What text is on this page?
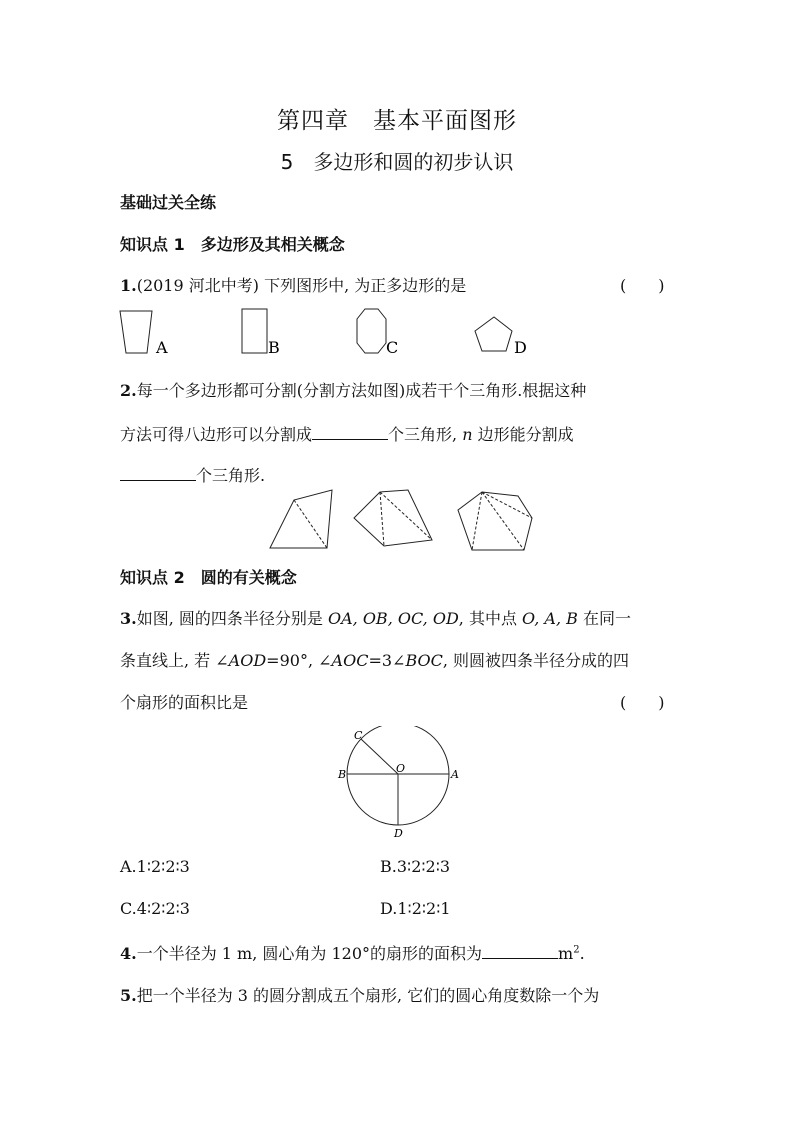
第四章　基本平面图形
5　多边形和圆的初步认识
基础过关全练
知识点 1　多边形及其相关概念
1.(2019 河北中考) 下列图形中, 为正多边形的是	(　　)
A	B	C	D
2.每一个多边形都可分割(分割方法如图)成若干个三角形.根据这种
方法可得八边形可以分割成	个三角形, n 边形能分割成
个三角形.
知识点 2　圆的有关概念
3.如图, 圆的四条半径分别是 OA, OB, OC, OD, 其中点 O, A, B 在同一
条直线上, 若 ∠AOD=90°, ∠AOC=3∠BOC, 则圆被四条半径分成的四
个扇形的面积比是	(　　)
C
B	O	A
D
A.1∶2∶2∶3	B.3∶2∶2∶3
C.4∶2∶2∶3	D.1∶2∶2∶1
4.一个半径为 1 m, 圆心角为 120°的扇形的面积为	$m^2$.
5.把一个半径为 3 的圆分割成五个扇形, 它们的圆心角度数除一个为
